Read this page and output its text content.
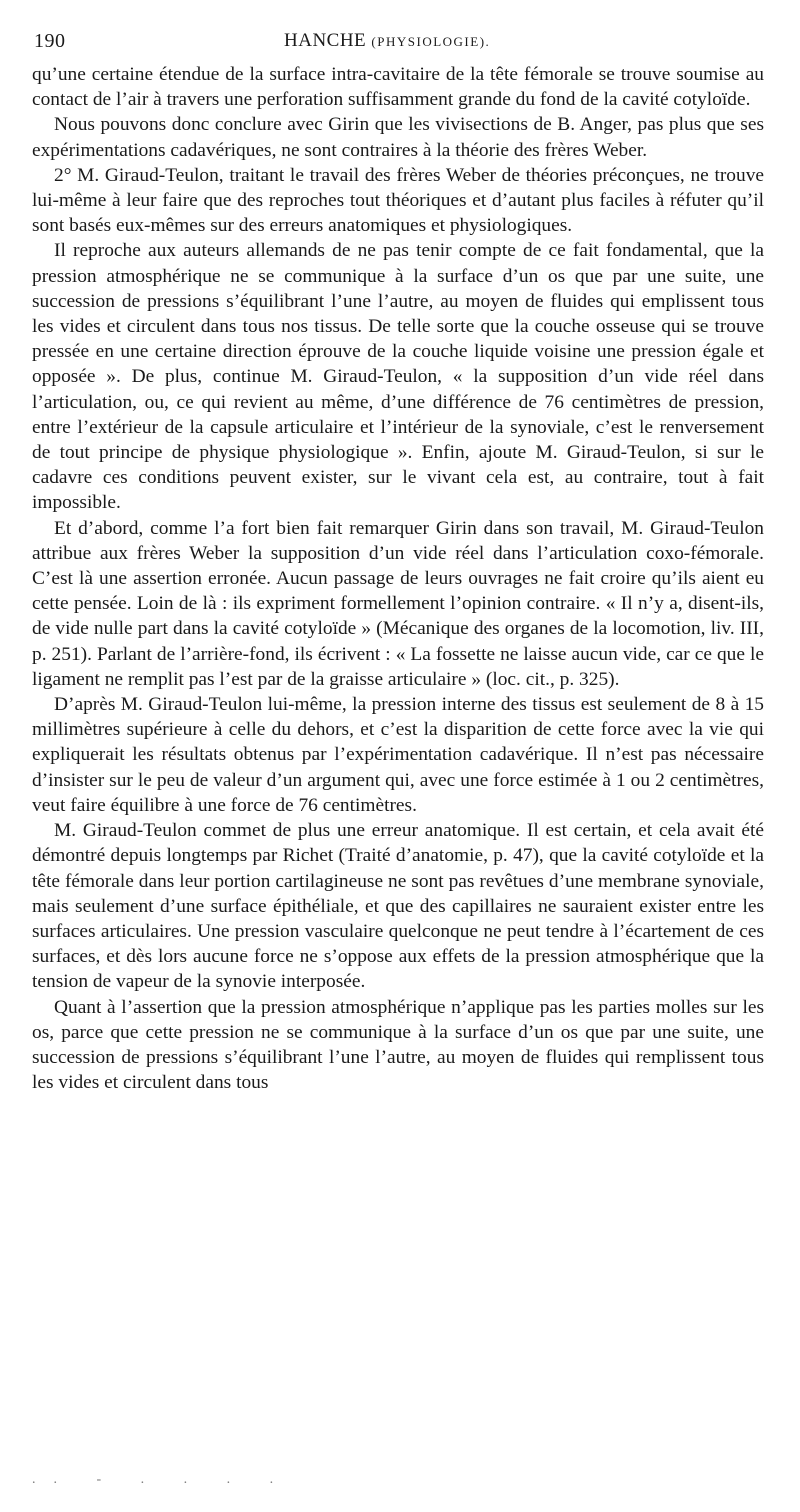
190	HANCHE (PHYSIOLOGIE).

qu’une certaine étendue de la surface intra-cavitaire de la tête fémorale se trouve soumise au contact de l’air à travers une perforation suffisamment grande du fond de la cavité cotyloïde.

Nous pouvons donc conclure avec Girin que les vivisections de B. Anger, pas plus que ses expérimentations cadavériques, ne sont contraires à la théorie des frères Weber.

2° M. Giraud-Teulon, traitant le travail des frères Weber de théories préconçues, ne trouve lui-même à leur faire que des reproches tout théoriques et d’autant plus faciles à réfuter qu’il sont basés eux-mêmes sur des erreurs anatomiques et physiologiques.

Il reproche aux auteurs allemands de ne pas tenir compte de ce fait fondamental, que la pression atmosphérique ne se communique à la surface d’un os que par une suite, une succession de pressions s’équilibrant l’une l’autre, au moyen de fluides qui emplissent tous les vides et circulent dans tous nos tissus. De telle sorte que la couche osseuse qui se trouve pressée en une certaine direction éprouve de la couche liquide voisine une pression égale et opposée ». De plus, continue M. Giraud-Teulon, « la supposition d’un vide réel dans l’articulation, ou, ce qui revient au même, d’une différence de 76 centimètres de pression, entre l’extérieur de la capsule articulaire et l’intérieur de la synoviale, c’est le renversement de tout principe de physique physiologique ». Enfin, ajoute M. Giraud-Teulon, si sur le cadavre ces conditions peuvent exister, sur le vivant cela est, au contraire, tout à fait impossible.

Et d’abord, comme l’a fort bien fait remarquer Girin dans son travail, M. Giraud-Teulon attribue aux frères Weber la supposition d’un vide réel dans l’articulation coxo-fémorale. C’est là une assertion erronée. Aucun passage de leurs ouvrages ne fait croire qu’ils aient eu cette pensée. Loin de là : ils expriment formellement l’opinion contraire. « Il n’y a, disent-ils, de vide nulle part dans la cavité cotyloïde » (Mécanique des organes de la locomotion, liv. III, p. 251). Parlant de l’arrière-fond, ils écrivent : « La fossette ne laisse aucun vide, car ce que le ligament ne remplit pas l’est par de la graisse articulaire » (loc. cit., p. 325).

D’après M. Giraud-Teulon lui-même, la pression interne des tissus est seulement de 8 à 15 millimètres supérieure à celle du dehors, et c’est la disparition de cette force avec la vie qui expliquerait les résultats obtenus par l’expérimentation cadavérique. Il n’est pas nécessaire d’insister sur le peu de valeur d’un argument qui, avec une force estimée à 1 ou 2 centimètres, veut faire équilibre à une force de 76 centimètres.

M. Giraud-Teulon commet de plus une erreur anatomique. Il est certain, et cela avait été démontré depuis longtemps par Richet (Traité d’anatomie, p. 47), que la cavité cotyloïde et la tête fémorale dans leur portion cartilagineuse ne sont pas revêtues d’une membrane synoviale, mais seulement d’une surface épithéliale, et que des capillaires ne sauraient exister entre les surfaces articulaires. Une pression vasculaire quelconque ne peut tendre à l’écartement de ces surfaces, et dès lors aucune force ne s’oppose aux effets de la pression atmosphérique que la tension de vapeur de la synovie interposée.

Quant à l’assertion que la pression atmosphérique n’applique pas les parties molles sur les os, parce que cette pression ne se communique à la surface d’un os que par une suite, une succession de pressions s’équilibrant l’une l’autre, au moyen de fluides qui remplissent tous les vides et circulent dans tous

.. - . . . .
